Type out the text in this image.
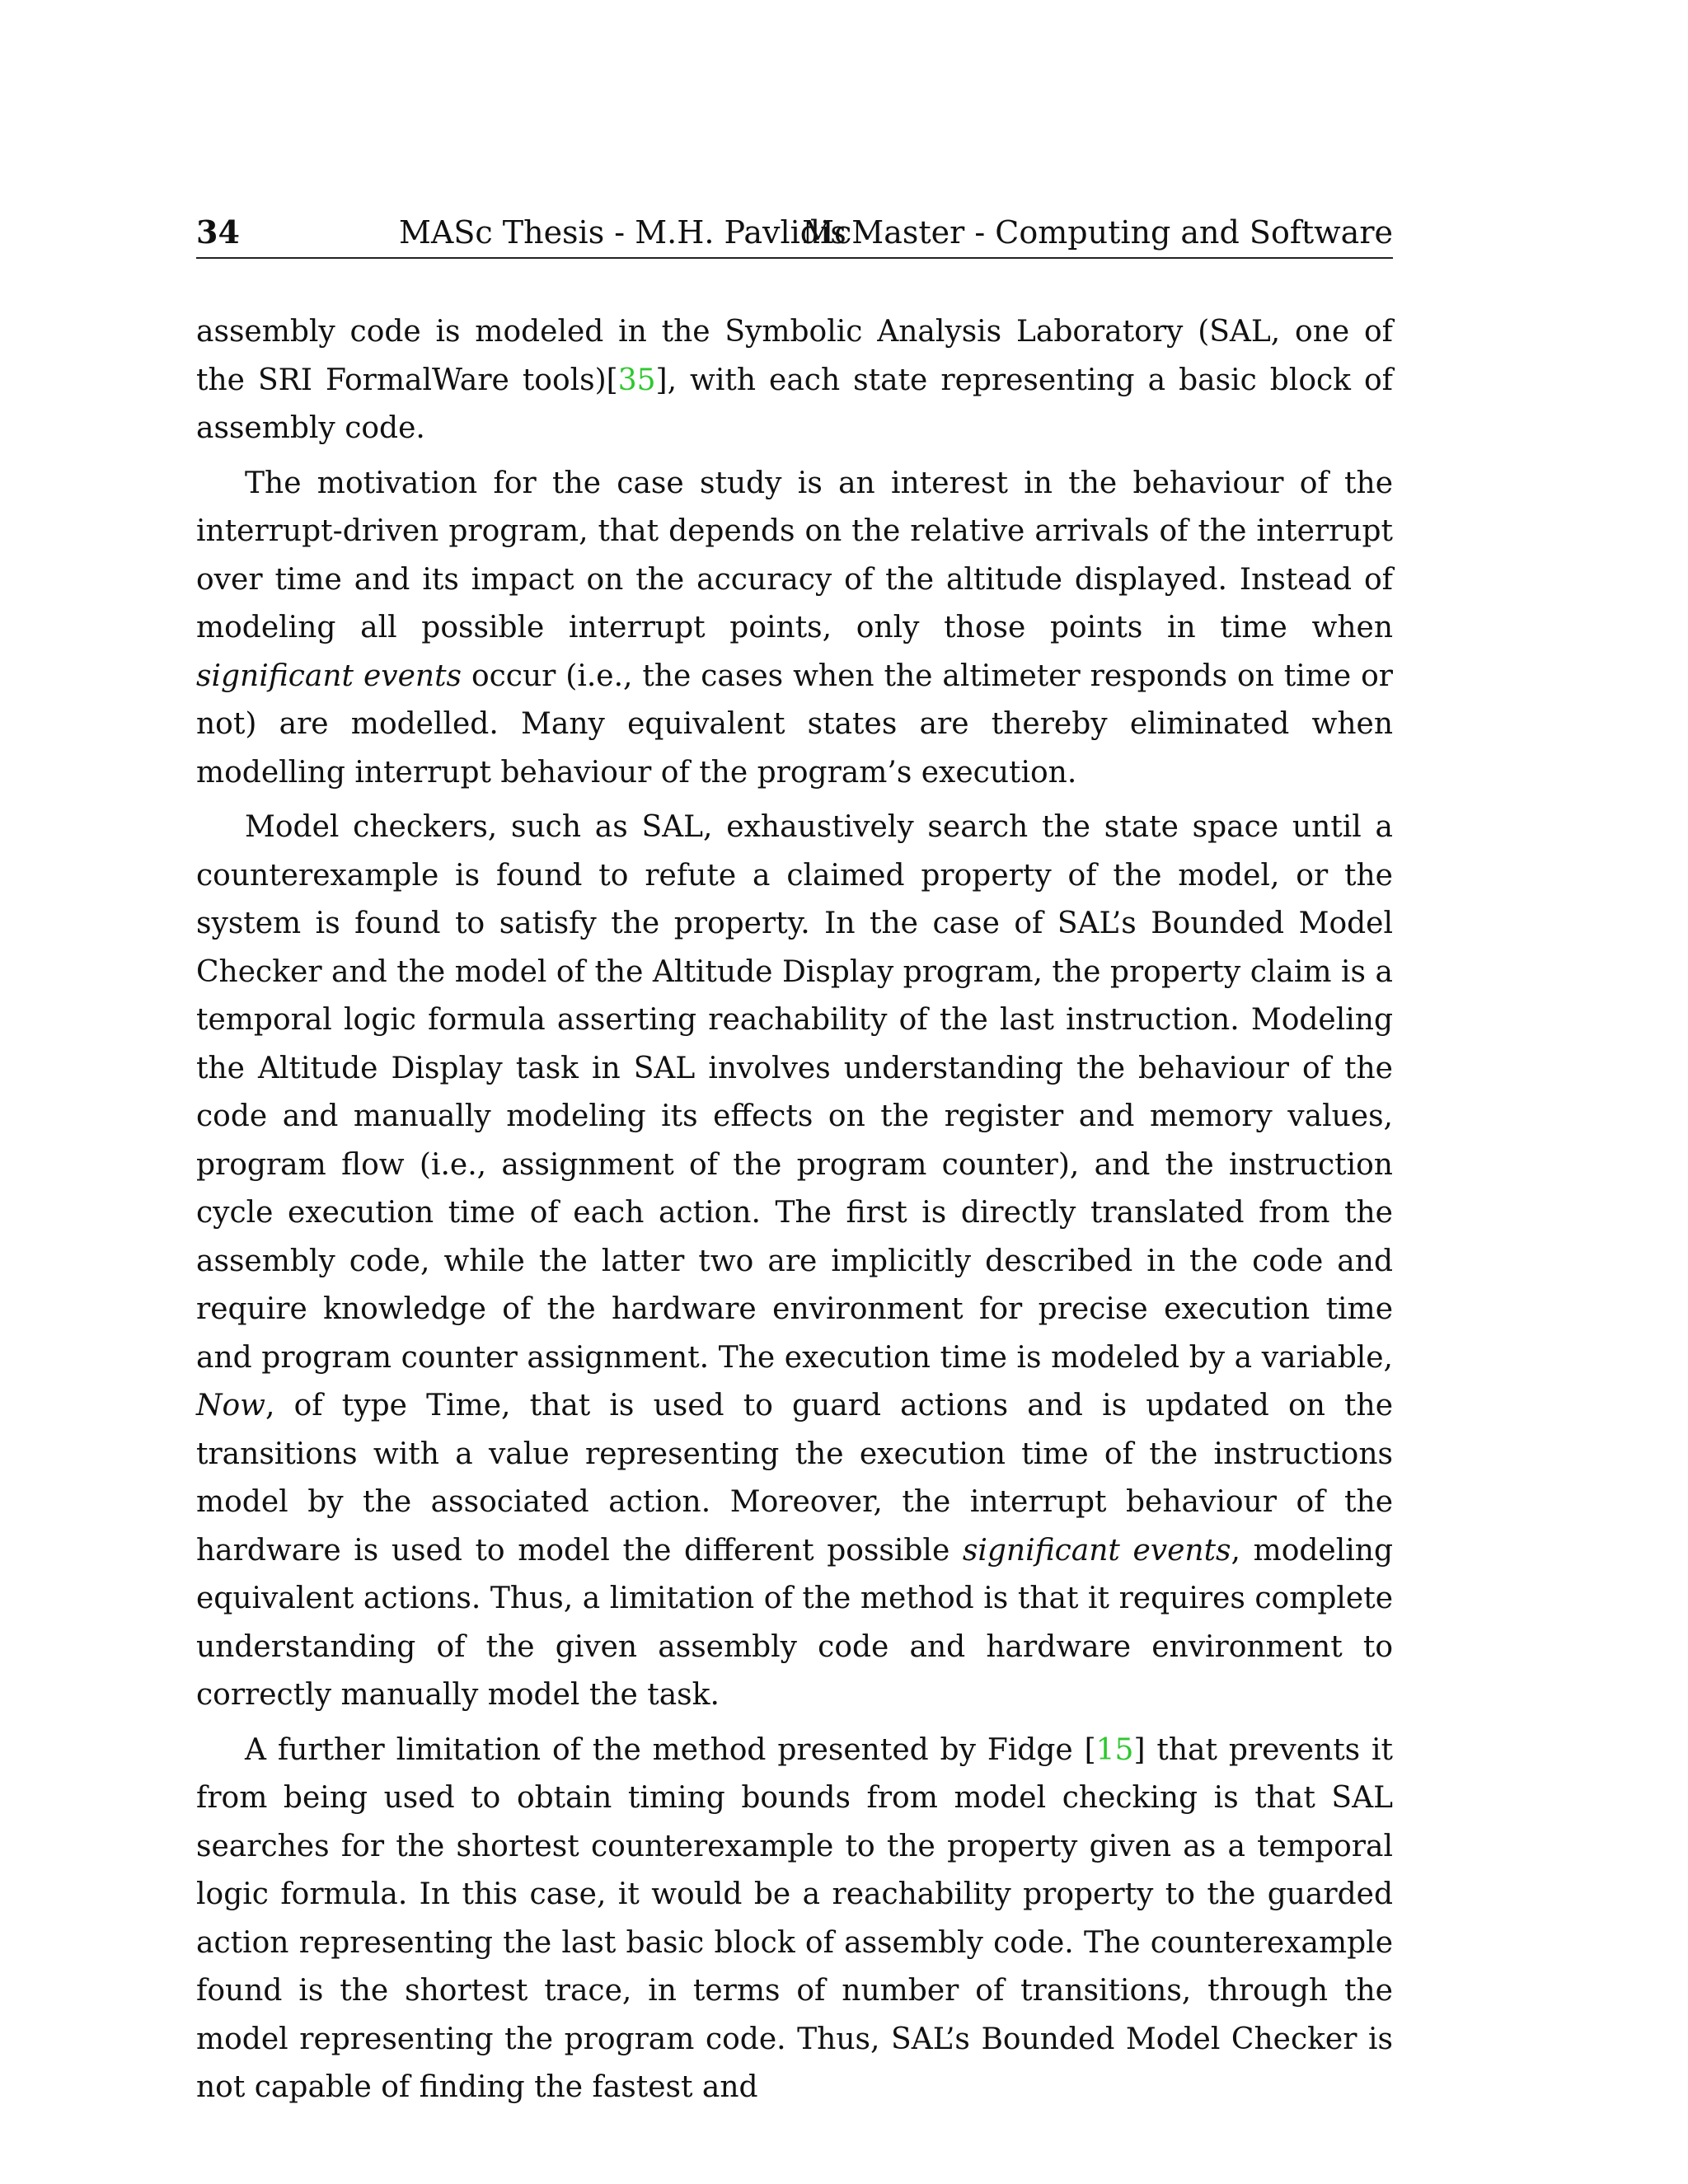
34	MASc Thesis - M.H. Pavlidis
McMaster - Computing and Software

assembly code is modeled in the Symbolic Analysis Laboratory (SAL, one of the SRI FormalWare tools)[35], with each state representing a basic block of assembly code.

The motivation for the case study is an interest in the behaviour of the interrupt-driven program, that depends on the relative arrivals of the interrupt over time and its impact on the accuracy of the altitude displayed. Instead of modeling all possible interrupt points, only those points in time when significant events occur (i.e., the cases when the altimeter responds on time or not) are modelled. Many equivalent states are thereby eliminated when modelling interrupt behaviour of the program’s execution.

Model checkers, such as SAL, exhaustively search the state space until a counterexample is found to refute a claimed property of the model, or the system is found to satisfy the property. In the case of SAL’s Bounded Model Checker and the model of the Altitude Display program, the property claim is a temporal logic formula asserting reachability of the last instruction. Modeling the Altitude Display task in SAL involves understanding the behaviour of the code and manually modeling its effects on the register and memory values, program flow (i.e., assignment of the program counter), and the instruction cycle execution time of each action. The first is directly translated from the assembly code, while the latter two are implicitly described in the code and require knowledge of the hardware environment for precise execution time and program counter assignment. The execution time is modeled by a variable, Now, of type Time, that is used to guard actions and is updated on the transitions with a value representing the execution time of the instructions model by the associated action. Moreover, the interrupt behaviour of the hardware is used to model the different possible significant events, modeling equivalent actions. Thus, a limitation of the method is that it requires complete understanding of the given assembly code and hardware environment to correctly manually model the task.

A further limitation of the method presented by Fidge [15] that prevents it from being used to obtain timing bounds from model checking is that SAL searches for the shortest counterexample to the property given as a temporal logic formula. In this case, it would be a reachability property to the guarded action representing the last basic block of assembly code. The counterexample found is the shortest trace, in terms of number of transitions, through the model representing the program code. Thus, SAL’s Bounded Model Checker is not capable of finding the fastest and
